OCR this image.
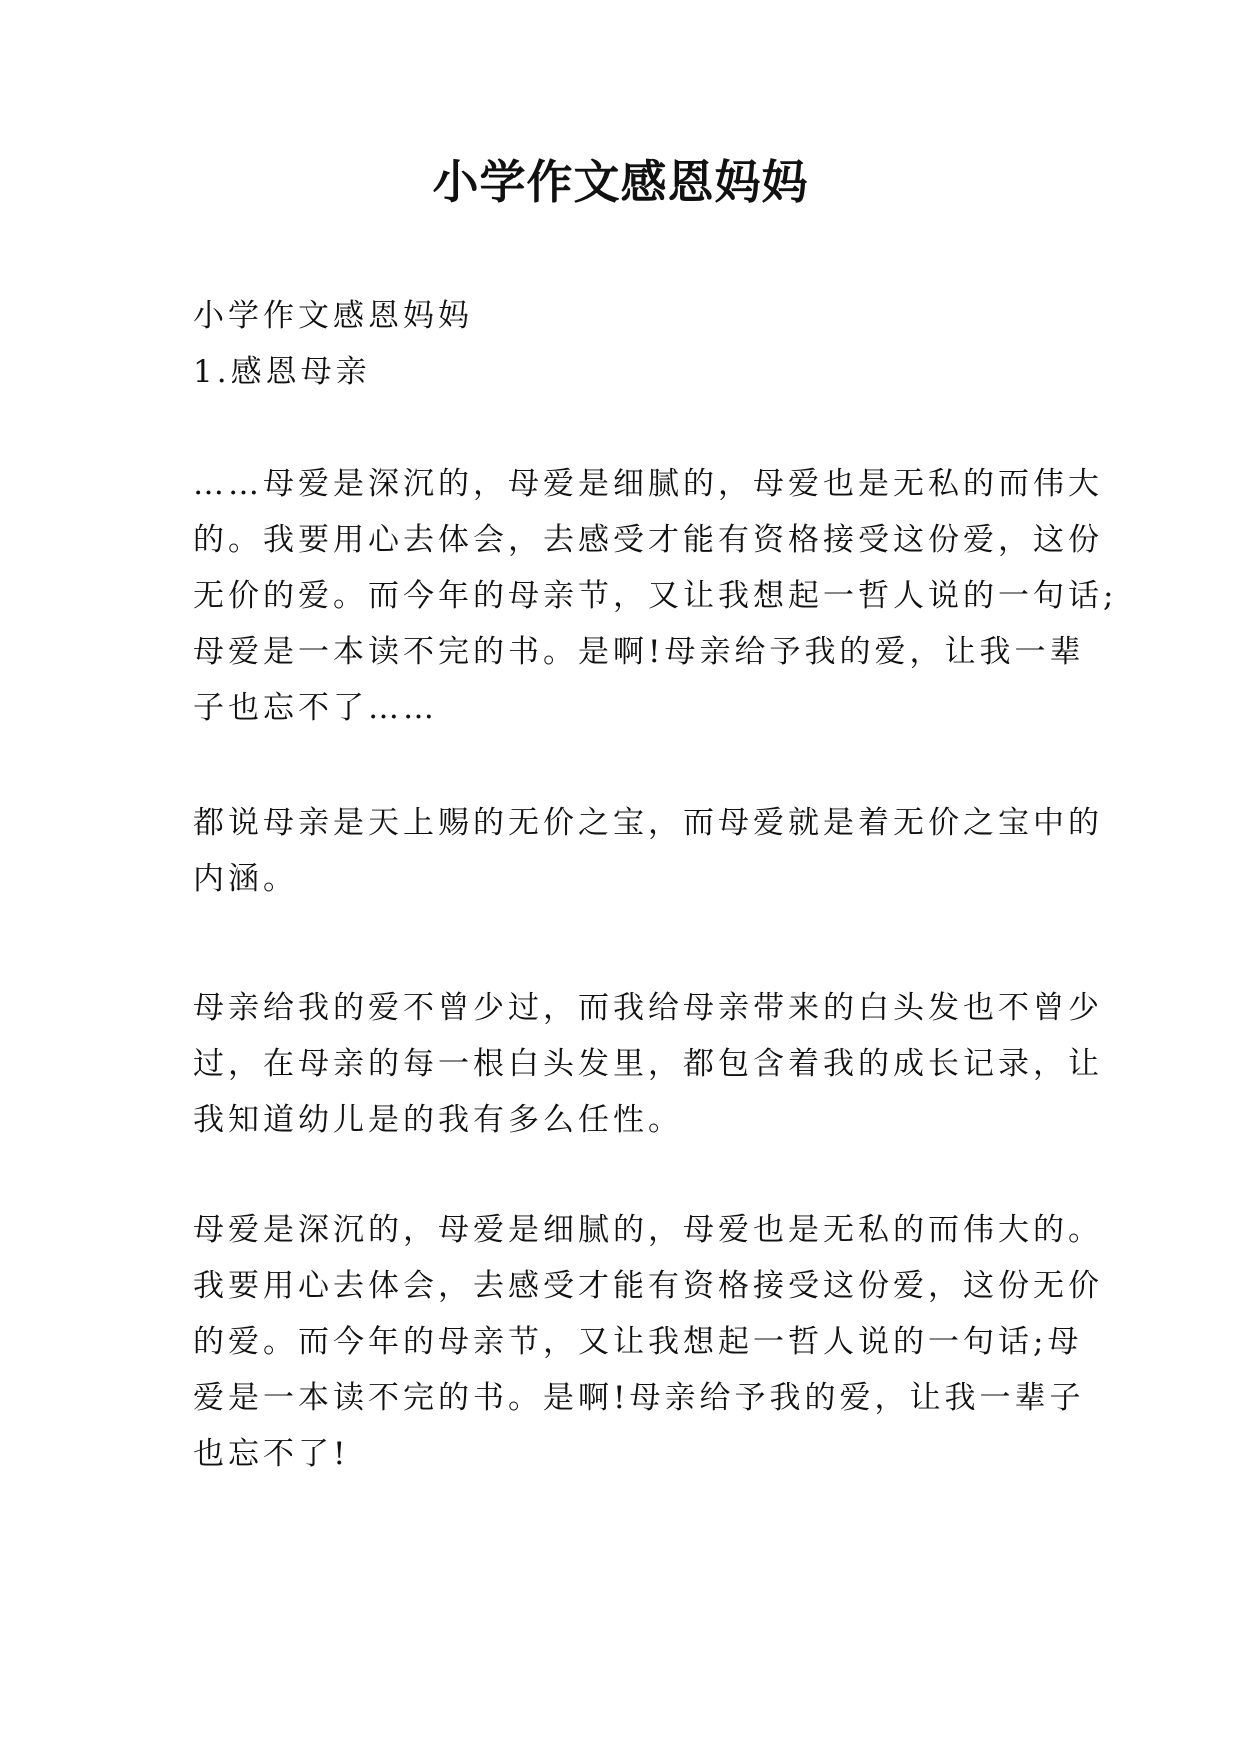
小学作文感恩妈妈
小学作文感恩妈妈
1.感恩母亲
……母爱是深沉的，母爱是细腻的，母爱也是无私的而伟大
的。我要用心去体会，去感受才能有资格接受这份爱，这份
无价的爱。而今年的母亲节，又让我想起一哲人说的一句话;
母爱是一本读不完的书。是啊!母亲给予我的爱，让我一辈
子也忘不了……
都说母亲是天上赐的无价之宝，而母爱就是着无价之宝中的
内涵。
母亲给我的爱不曾少过，而我给母亲带来的白头发也不曾少
过，在母亲的每一根白头发里，都包含着我的成长记录，让
我知道幼儿是的我有多么任性。
母爱是深沉的，母爱是细腻的，母爱也是无私的而伟大的。
我要用心去体会，去感受才能有资格接受这份爱，这份无价
的爱。而今年的母亲节，又让我想起一哲人说的一句话;母
爱是一本读不完的书。是啊!母亲给予我的爱，让我一辈子
也忘不了!
